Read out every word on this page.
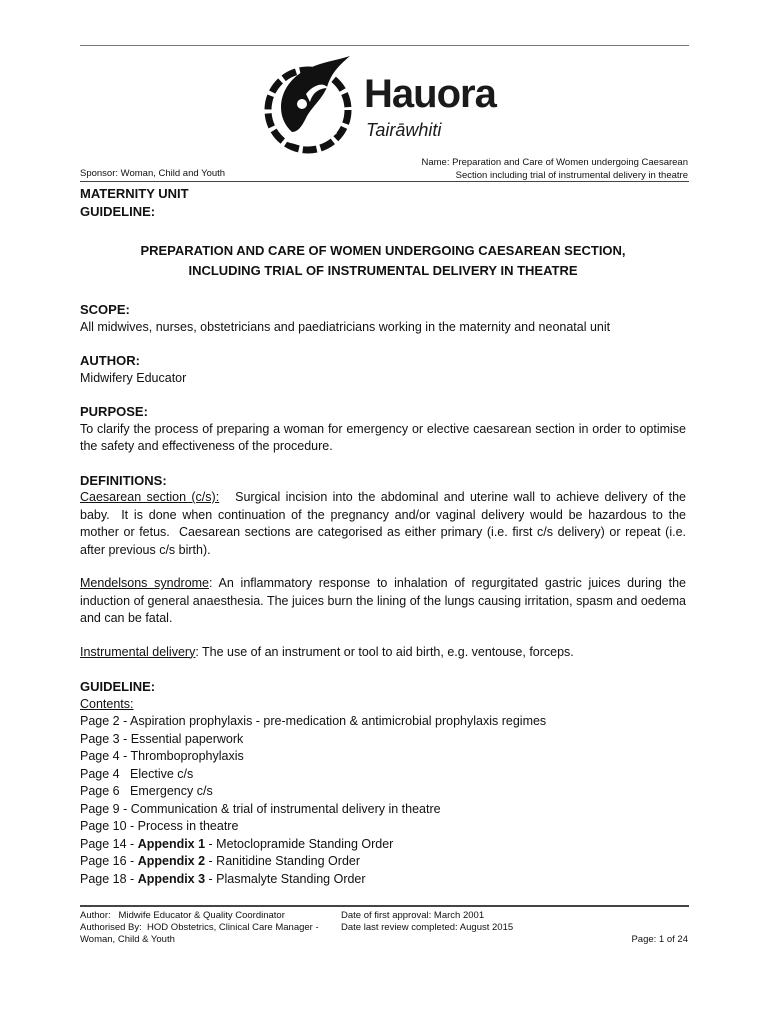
Hauora
Tairāwhiti
Sponsor: Woman, Child and Youth
Name: Preparation and Care of Women undergoing Caesarean
Section including trial of instrumental delivery in theatre
MATERNITY UNIT
GUIDELINE:
PREPARATION AND CARE OF WOMEN UNDERGOING CAESAREAN SECTION,
INCLUDING TRIAL OF INSTRUMENTAL DELIVERY IN THEATRE
SCOPE:
All midwives, nurses, obstetricians and paediatricians working in the maternity and neonatal unit
AUTHOR:
Midwifery Educator
PURPOSE:
To clarify the process of preparing a woman for emergency or elective caesarean section in order to optimise the safety and effectiveness of the procedure.
DEFINITIONS:
Caesarean section (c/s):   Surgical incision into the abdominal and uterine wall to achieve delivery of the baby.  It is done when continuation of the pregnancy and/or vaginal delivery would be hazardous to the mother or fetus.  Caesarean sections are categorised as either primary (i.e. first c/s delivery) or repeat (i.e. after previous c/s birth).
Mendelsons syndrome: An inflammatory response to inhalation of regurgitated gastric juices during the induction of general anaesthesia. The juices burn the lining of the lungs causing irritation, spasm and oedema and can be fatal.
Instrumental delivery: The use of an instrument or tool to aid birth, e.g. ventouse, forceps.
GUIDELINE:
Contents:
Page 2 - Aspiration prophylaxis - pre-medication & antimicrobial prophylaxis regimes
Page 3 - Essential paperwork
Page 4 - Thromboprophylaxis
Page 4   Elective c/s
Page 6   Emergency c/s
Page 9 - Communication & trial of instrumental delivery in theatre
Page 10 - Process in theatre
Page 14 - Appendix 1 - Metoclopramide Standing Order
Page 16 - Appendix 2 - Ranitidine Standing Order
Page 18 - Appendix 3 - Plasmalyte Standing Order
Author:   Midwife Educator & Quality Coordinator
Authorised By:  HOD Obstetrics, Clinical Care Manager -
Woman, Child & Youth
Date of first approval: March 2001
Date last review completed: August 2015
Page: 1 of 24
